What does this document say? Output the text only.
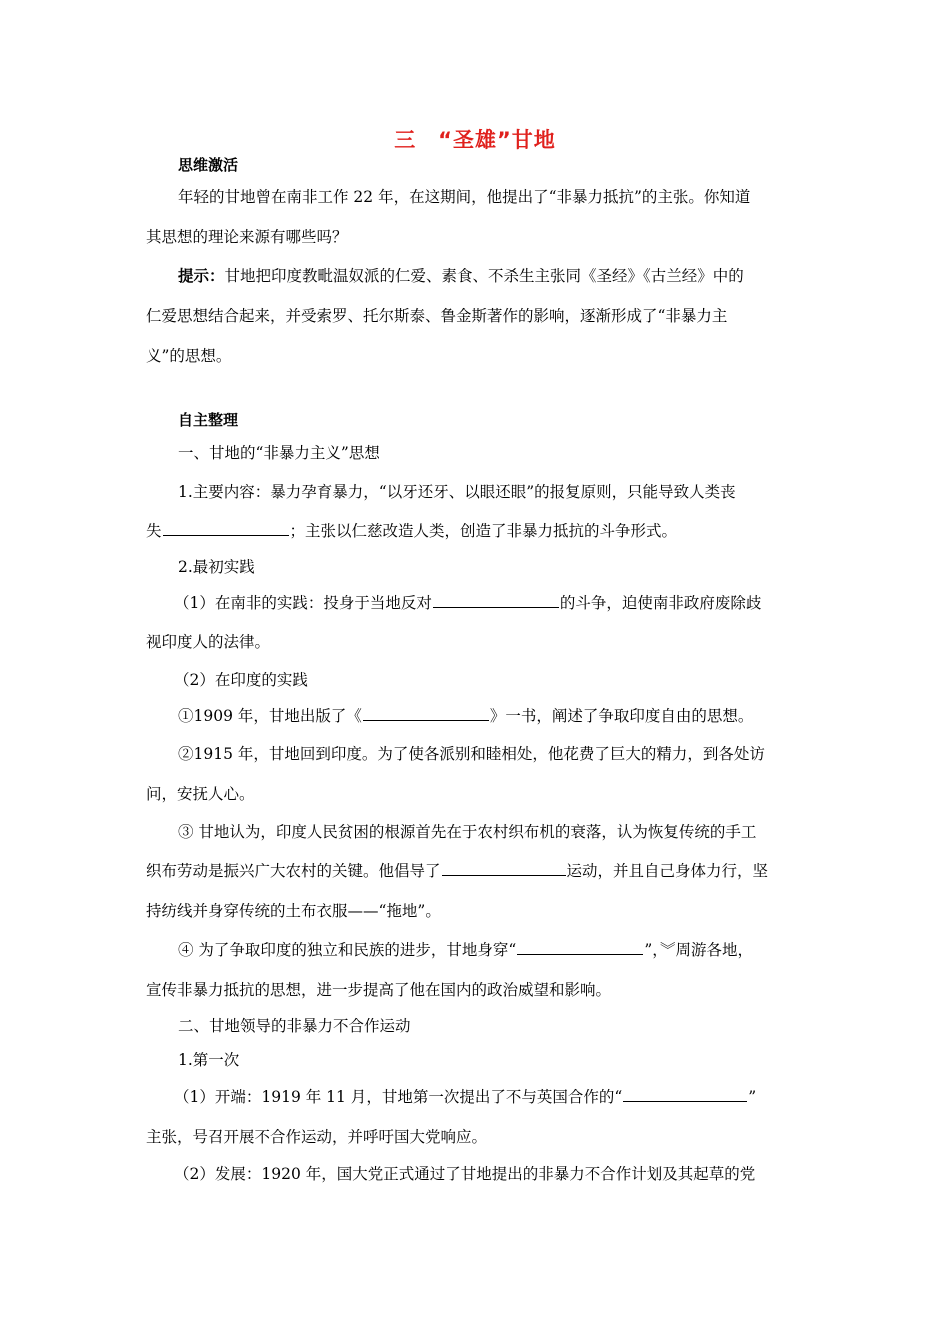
三　“圣雄”甘地
思维激活
年轻的甘地曾在南非工作 22 年，在这期间，他提出了“非暴力抵抗”的主张。你知道
其思想的理论来源有哪些吗？
提示：甘地把印度教毗温奴派的仁爱、素食、不杀生主张同《圣经》《古兰经》中的
仁爱思想结合起来，并受索罗、托尔斯泰、鲁金斯著作的影响，逐渐形成了“非暴力主
义”的思想。
自主整理
一、甘地的“非暴力主义”思想
1.主要内容：暴力孕育暴力，“以牙还牙、以眼还眼”的报复原则，只能导致人类丧
失	；主张以仁慈改造人类，创造了非暴力抵抗的斗争形式。
2.最初实践
（1）在南非的实践：投身于当地反对	的斗争，迫使南非政府废除歧
视印度人的法律。
（2）在印度的实践
①1909 年，甘地出版了《	》一书，阐述了争取印度自由的思想。
②1915 年，甘地回到印度。为了使各派别和睦相处，他花费了巨大的精力，到各处访
问，安抚人心。
③ 甘地认为，印度人民贫困的根源首先在于农村织布机的衰落，认为恢复传统的手工
织布劳动是振兴广大农村的关键。他倡导了	运动，并且自己身体力行，坚
持纺线并身穿传统的土布衣服——“拖地”。
④ 为了争取印度的独立和民族的进步，甘地身穿“	”，︾周游各地，
宣传非暴力抵抗的思想，进一步提高了他在国内的政治威望和影响。
二、甘地领导的非暴力不合作运动
1.第一次
（1）开端：1919 年 11 月，甘地第一次提出了不与英国合作的“	”
主张，号召开展不合作运动，并呼吁国大党响应。
（2）发展：1920 年，国大党正式通过了甘地提出的非暴力不合作计划及其起草的党
